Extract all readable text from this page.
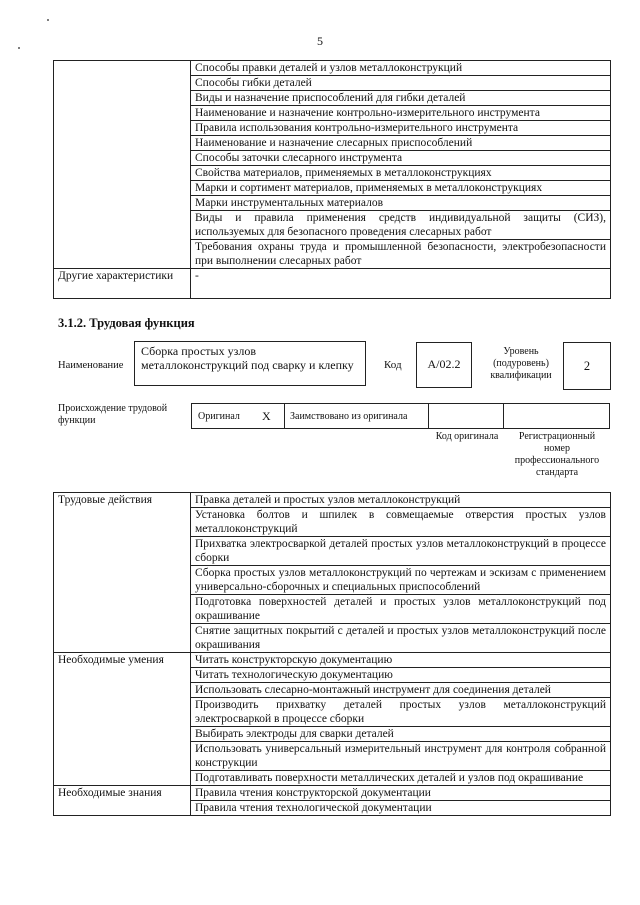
5
	Способы правки деталей и узлов металлоконструкций
	Способы гибки деталей
	Виды и назначение приспособлений для гибки деталей
	Наименование и назначение контрольно-измерительного инструмента
	Правила использования контрольно-измерительного инструмента
	Наименование и назначение слесарных приспособлений
	Способы заточки слесарного инструмента
	Свойства материалов, применяемых в металлоконструкциях
	Марки и сортимент материалов, применяемых в металлоконструкциях
	Марки инструментальных материалов
	Виды и правила применения средств индивидуальной защиты (СИЗ), используемых для безопасного проведения слесарных работ
	Требования охраны труда и промышленной безопасности, электробезопасности при выполнении слесарных работ
Другие характеристики	-
3.1.2. Трудовая функция
Наименование
Сборка простых узлов металлоконструкций под сварку и клепку	Код	A/02.2
Уровень (подуровень) квалификации
2
Происхождение трудовой функции	Оригинал X Заимствовано из оригинала
Код оригинала	Регистрационный номер профессионального стандарта
Трудовые действия	Правка деталей и простых узлов металлоконструкций
	Установка болтов и шпилек в совмещаемые отверстия простых узлов металлоконструкций
	Прихватка электросваркой деталей простых узлов металлоконструкций в процессе сборки
	Сборка простых узлов металлоконструкций по чертежам и эскизам с применением универсально-сборочных и специальных приспособлений
	Подготовка поверхностей деталей и простых узлов металлоконструкций под окрашивание
	Снятие защитных покрытий с деталей и простых узлов металлоконструкций после окрашивания
Необходимые умения	Читать конструкторскую документацию
	Читать технологическую документацию
	Использовать слесарно-монтажный инструмент для соединения деталей
	Производить прихватку деталей простых узлов металлоконструкций электросваркой в процессе сборки
	Выбирать электроды для сварки деталей
	Использовать универсальный измерительный инструмент для контроля собранной конструкции
	Подготавливать поверхности металлических деталей и узлов под окрашивание
Необходимые знания	Правила чтения конструкторской документации
	Правила чтения технологической документации
